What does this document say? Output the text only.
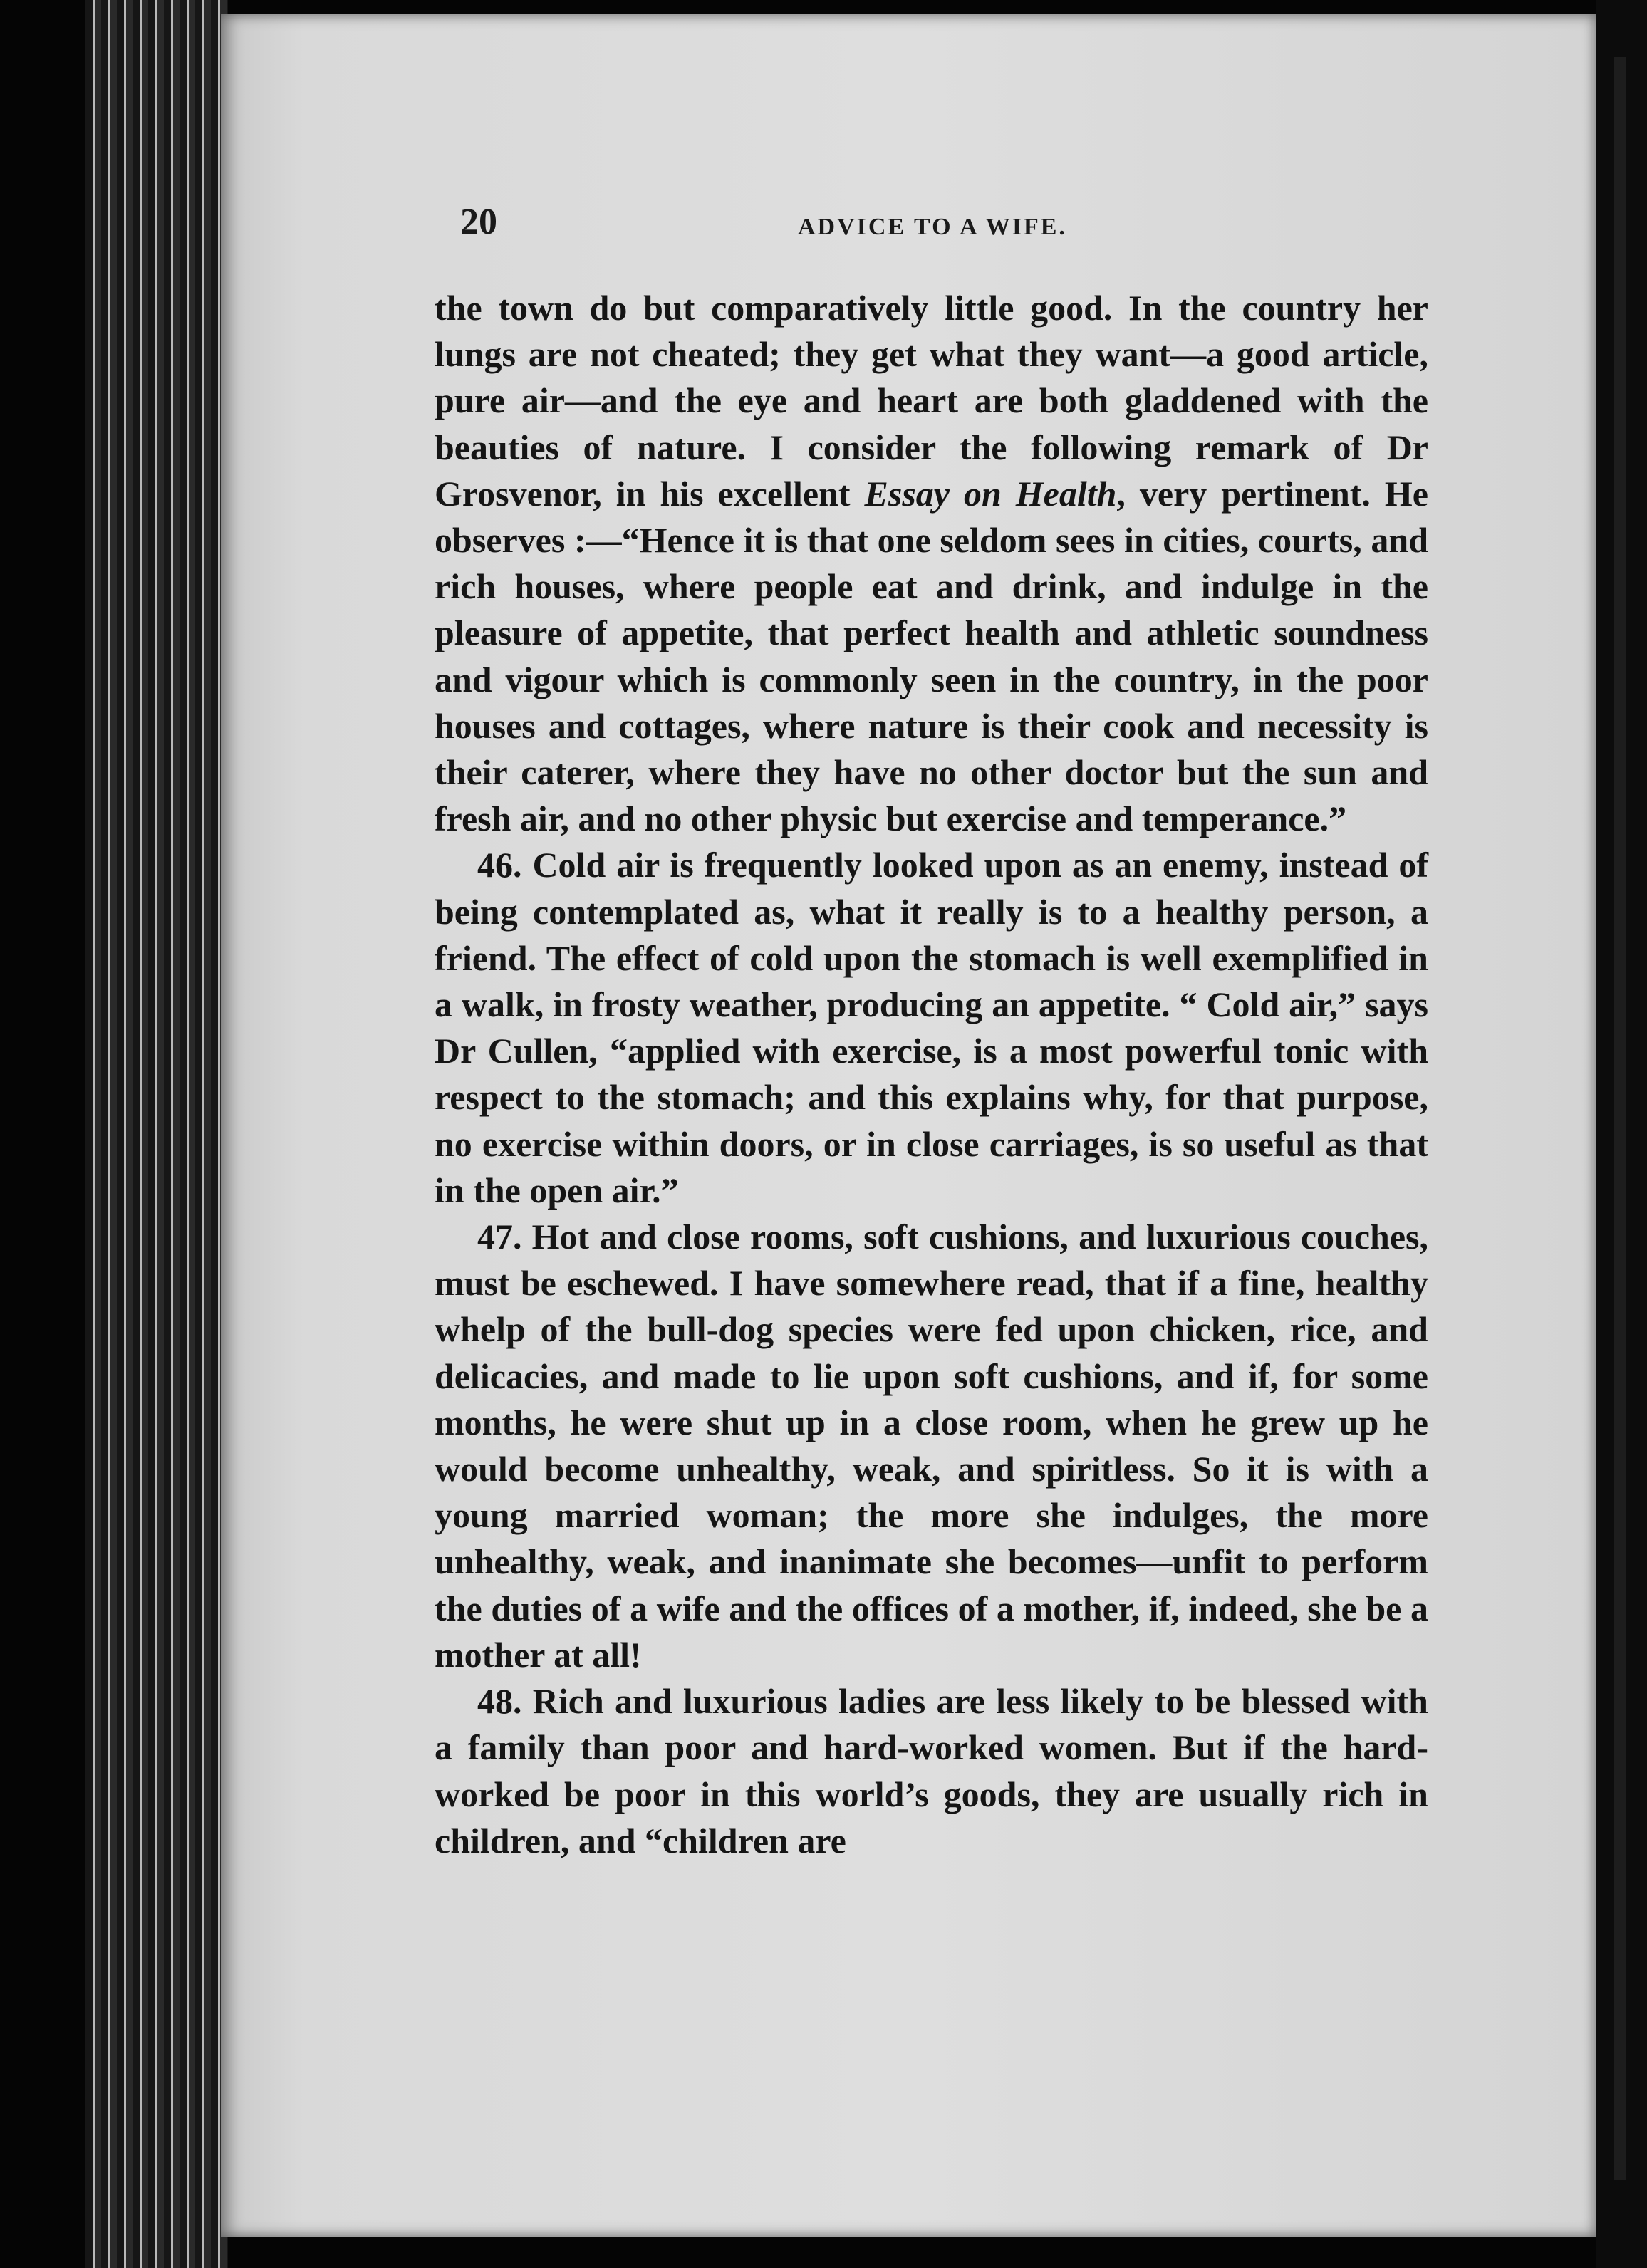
20	ADVICE TO A WIFE.

the town do but comparatively little good. In the country her lungs are not cheated; they get what they want—a good article, pure air—and the eye and heart are both gladdened with the beauties of nature. I consider the following remark of Dr Grosvenor, in his excellent Essay on Health, very pertinent. He observes :—“Hence it is that one seldom sees in cities, courts, and rich houses, where people eat and drink, and indulge in the pleasure of appetite, that perfect health and athletic soundness and vigour which is commonly seen in the country, in the poor houses and cottages, where nature is their cook and necessity is their caterer, where they have no other doctor but the sun and fresh air, and no other physic but exercise and temperance.”

46. Cold air is frequently looked upon as an enemy, instead of being contemplated as, what it really is to a healthy person, a friend. The effect of cold upon the stomach is well exemplified in a walk, in frosty weather, producing an appetite. “ Cold air,” says Dr Cullen, “applied with exercise, is a most powerful tonic with respect to the stomach; and this explains why, for that purpose, no exercise within doors, or in close carriages, is so useful as that in the open air.”

47. Hot and close rooms, soft cushions, and luxurious couches, must be eschewed. I have somewhere read, that if a fine, healthy whelp of the bull-dog species were fed upon chicken, rice, and delicacies, and made to lie upon soft cushions, and if, for some months, he were shut up in a close room, when he grew up he would become unhealthy, weak, and spiritless. So it is with a young married woman; the more she indulges, the more unhealthy, weak, and inanimate she becomes—unfit to perform the duties of a wife and the offices of a mother, if, indeed, she be a mother at all!

48. Rich and luxurious ladies are less likely to be blessed with a family than poor and hard-worked women. But if the hard-worked be poor in this world’s goods, they are usually rich in children, and “children are
